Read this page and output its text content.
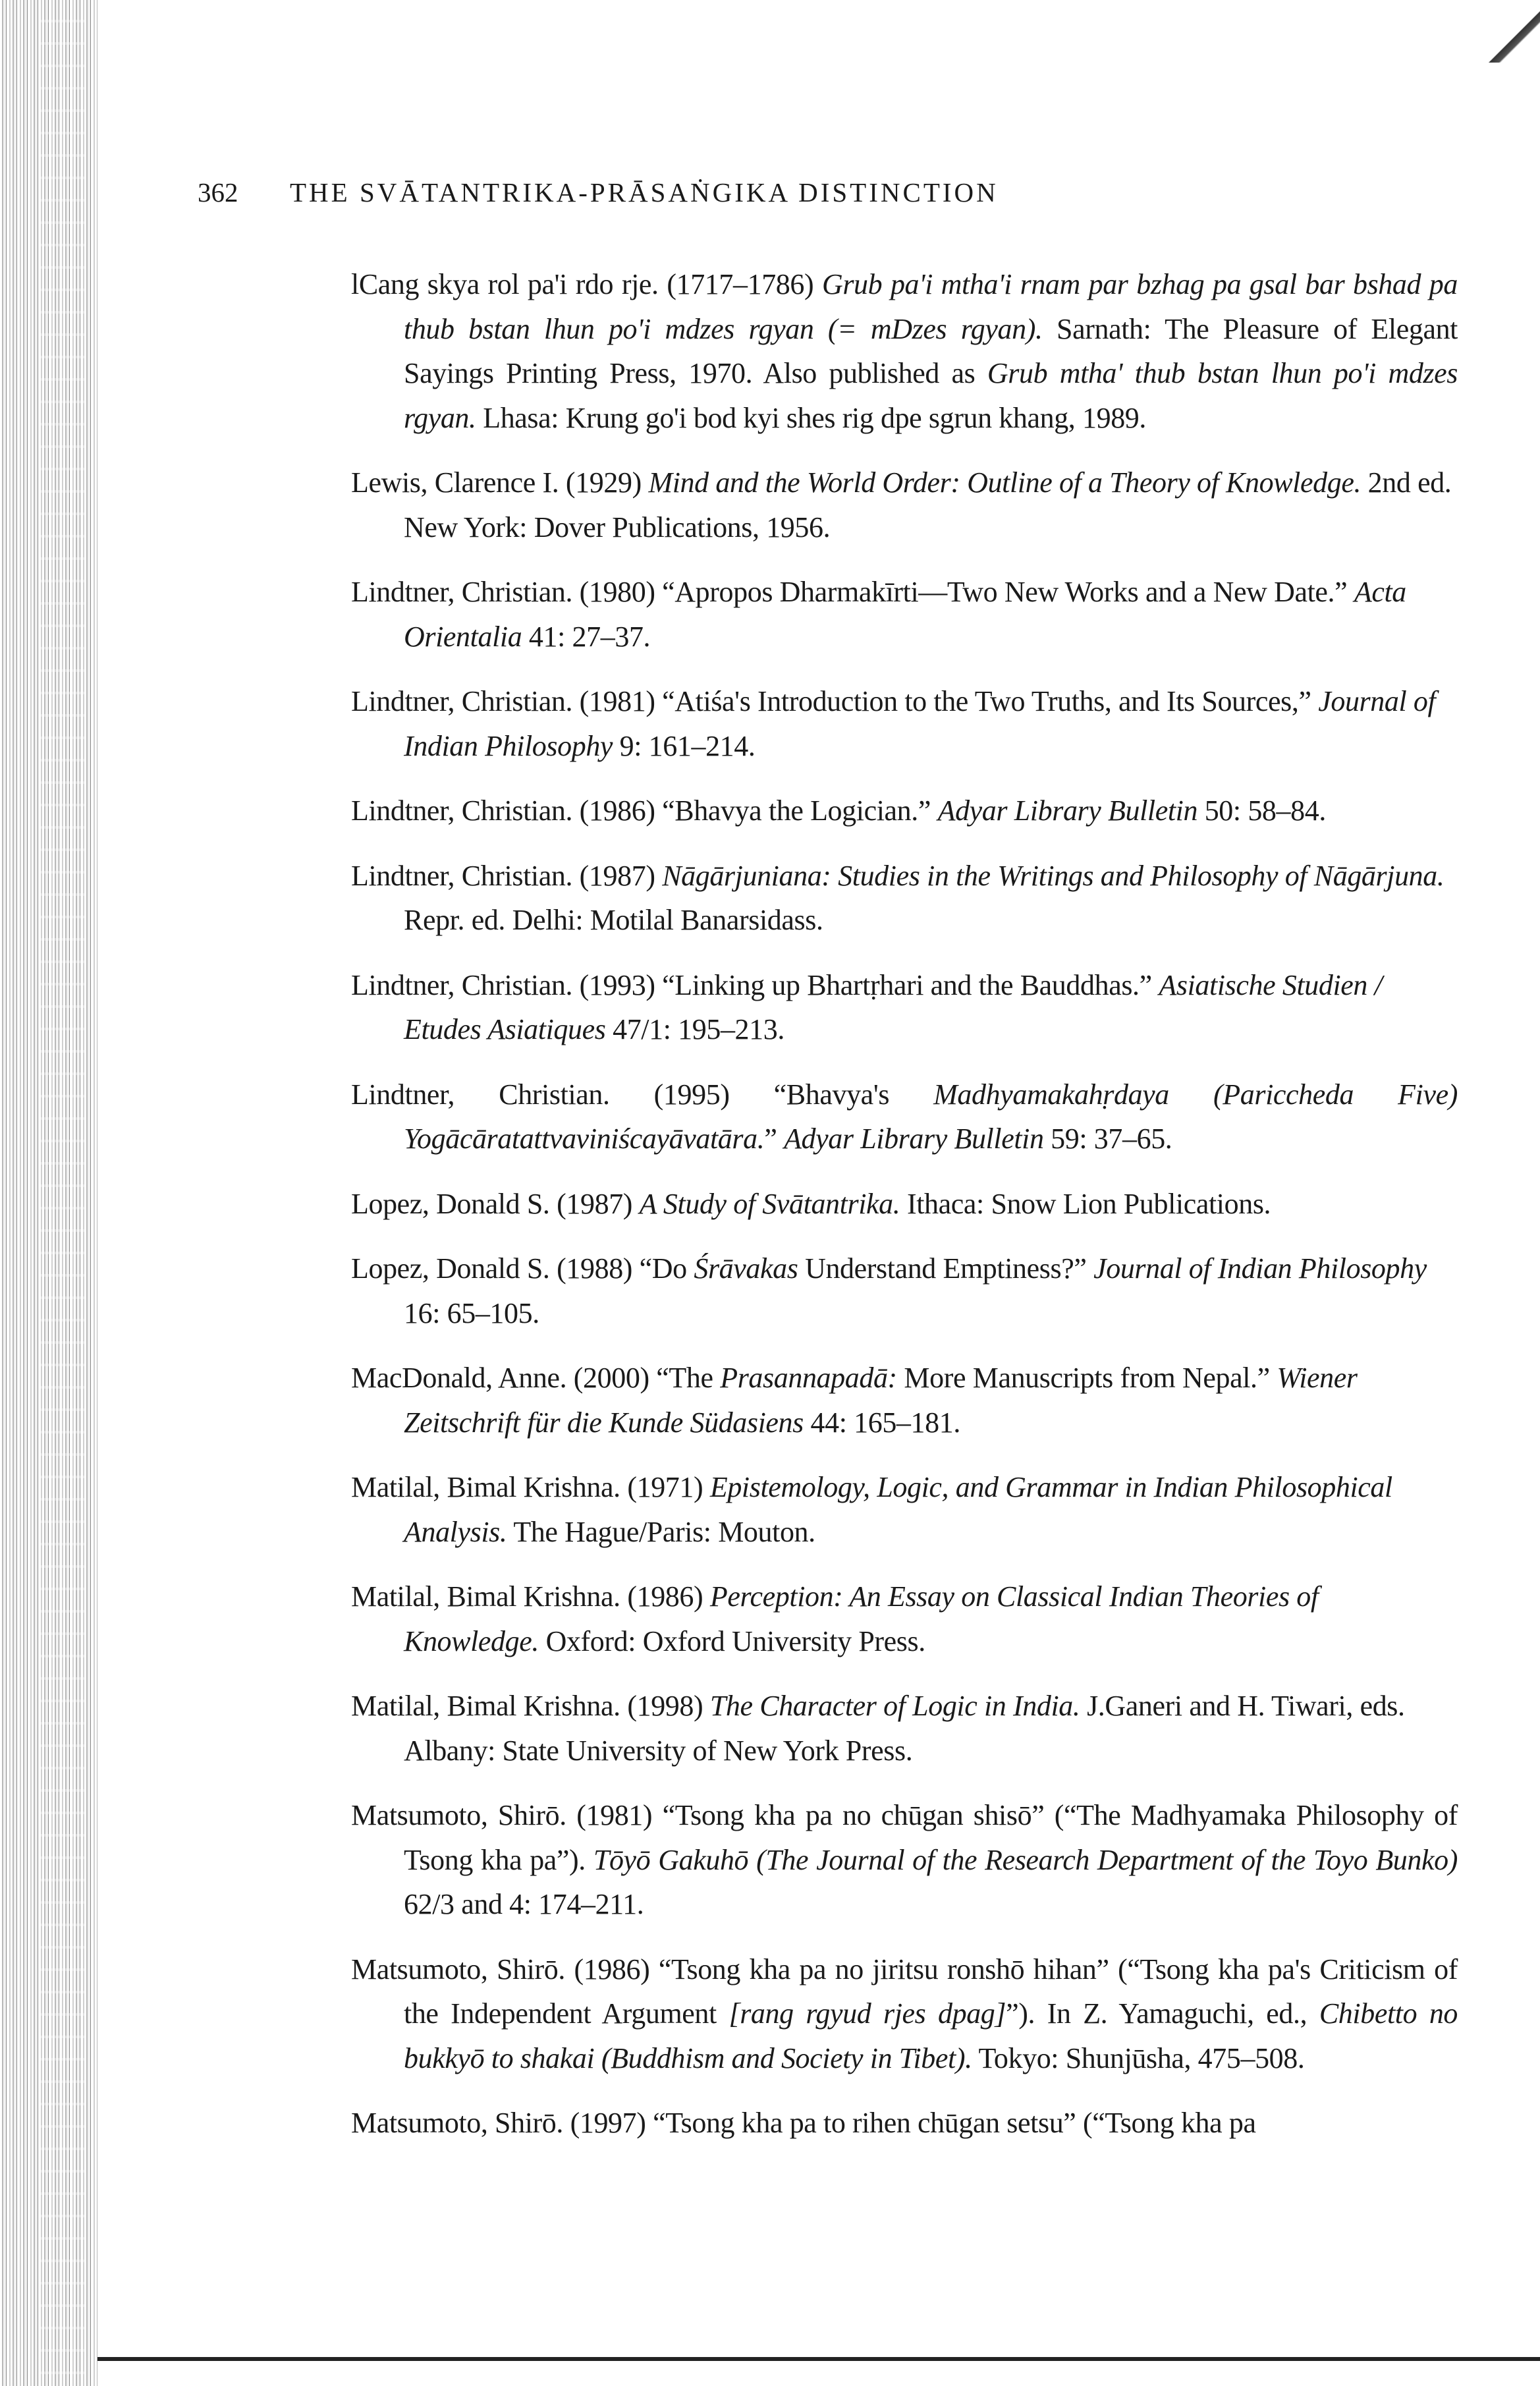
362 THE SVĀTANTRIKA-PRĀSAṄGIKA DISTINCTION
lCang skya rol pa'i rdo rje. (1717–1786) Grub pa'i mtha'i rnam par bzhag pa gsal bar bshad pa thub bstan lhun po'i mdzes rgyan (= mDzes rgyan). Sarnath: The Pleasure of Elegant Sayings Printing Press, 1970. Also published as Grub mtha' thub bstan lhun po'i mdzes rgyan. Lhasa: Krung go'i bod kyi shes rig dpe sgrun khang, 1989.
Lewis, Clarence I. (1929) Mind and the World Order: Outline of a Theory of Knowledge. 2nd ed. New York: Dover Publications, 1956.
Lindtner, Christian. (1980) “Apropos Dharmakīrti—Two New Works and a New Date.” Acta Orientalia 41: 27–37.
Lindtner, Christian. (1981) “Atiśa's Introduction to the Two Truths, and Its Sources,” Journal of Indian Philosophy 9: 161–214.
Lindtner, Christian. (1986) “Bhavya the Logician.” Adyar Library Bulletin 50: 58–84.
Lindtner, Christian. (1987) Nāgārjuniana: Studies in the Writings and Philosophy of Nāgārjuna. Repr. ed. Delhi: Motilal Banarsidass.
Lindtner, Christian. (1993) “Linking up Bhartṛhari and the Bauddhas.” Asiatische Studien / Etudes Asiatiques 47/1: 195–213.
Lindtner, Christian. (1995) “Bhavya's Madhyamakahṛdaya (Pariccheda Five) Yogācāratattvaviniścayāvatāra.” Adyar Library Bulletin 59: 37–65.
Lopez, Donald S. (1987) A Study of Svātantrika. Ithaca: Snow Lion Publications.
Lopez, Donald S. (1988) “Do Śrāvakas Understand Emptiness?” Journal of Indian Philosophy 16: 65–105.
MacDonald, Anne. (2000) “The Prasannapadā: More Manuscripts from Nepal.” Wiener Zeitschrift für die Kunde Südasiens 44: 165–181.
Matilal, Bimal Krishna. (1971) Epistemology, Logic, and Grammar in Indian Philosophical Analysis. The Hague/Paris: Mouton.
Matilal, Bimal Krishna. (1986) Perception: An Essay on Classical Indian Theories of Knowledge. Oxford: Oxford University Press.
Matilal, Bimal Krishna. (1998) The Character of Logic in India. J.Ganeri and H. Tiwari, eds. Albany: State University of New York Press.
Matsumoto, Shirō. (1981) “Tsong kha pa no chūgan shisō” (“The Madhyamaka Philosophy of Tsong kha pa”). Tōyō Gakuhō (The Journal of the Research Department of the Toyo Bunko) 62/3 and 4: 174–211.
Matsumoto, Shirō. (1986) “Tsong kha pa no jiritsu ronshō hihan” (“Tsong kha pa's Criticism of the Independent Argument [rang rgyud rjes dpag]”). In Z. Yamaguchi, ed., Chibetto no bukkyō to shakai (Buddhism and Society in Tibet). Tokyo: Shunjūsha, 475–508.
Matsumoto, Shirō. (1997) “Tsong kha pa to rihen chūgan setsu” (“Tsong kha pa
